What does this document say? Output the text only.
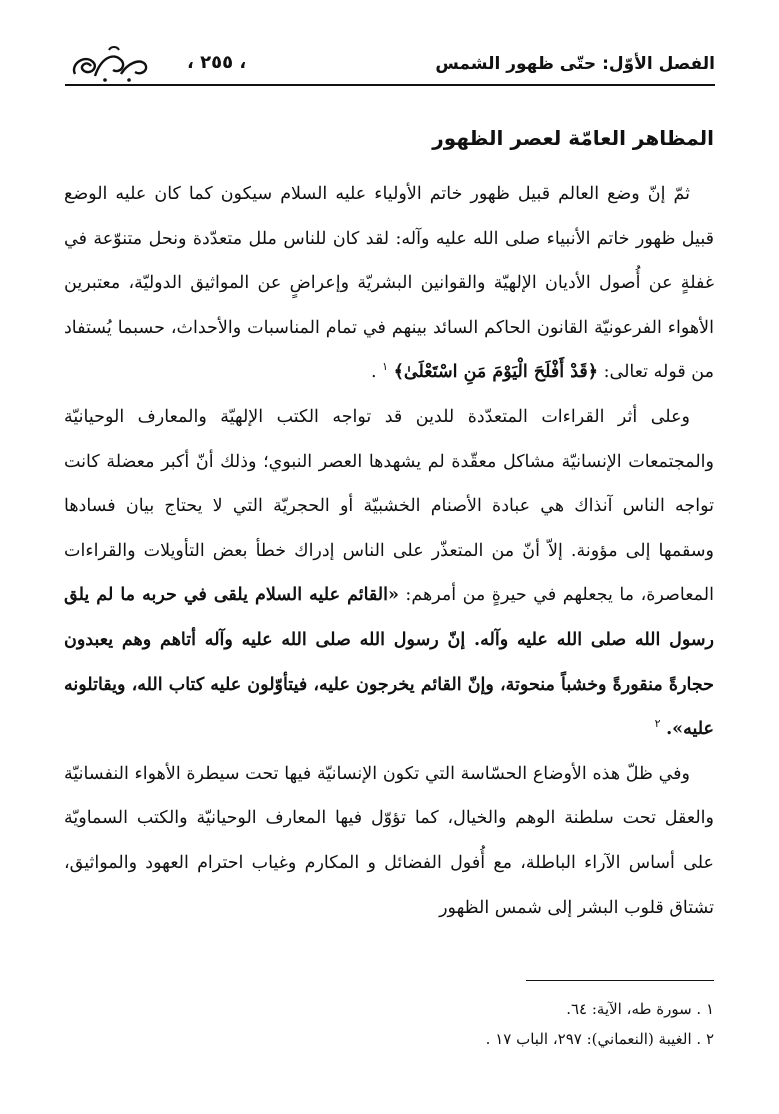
الفصل الأوّل: حتّى ظهور الشمس
، ٢٥٥ ،
المظاهر العامّة لعصر الظهور

ثمّ إنّ وضع العالم قبيل ظهور خاتم الأولياء عليه السلام سيكون كما كان عليه الوضع قبيل ظهور خاتم الأنبياء صلى الله عليه وآله: لقد كان للناس ملل متعدّدة ونحل متنوّعة في غفلةٍ عن أُصول الأديان الإلهيّة والقوانين البشريّة وإعراضٍ عن المواثيق الدوليّة، معتبرين الأهواء الفرعونيّة القانون الحاكم السائد بينهم في تمام المناسبات والأحداث، حسبما يُستفاد من قوله تعالى: ﴿قَدْ أَفْلَحَ الْيَوْمَ مَنِ اسْتَعْلَىٰ﴾ $^١$ .

وعلى أثر القراءات المتعدّدة للدين قد تواجه الكتب الإلهيّة والمعارف الوحيانيّة والمجتمعات الإنسانيّة مشاكل معقّدة لم يشهدها العصر النبوي؛ وذلك أنّ أكبر معضلة كانت تواجه الناس آنذاك هي عبادة الأصنام الخشبيّة أو الحجريّة التي لا يحتاج بيان فسادها وسقمها إلى مؤونة. إلاّ أنّ من المتعذّر على الناس إدراك خطأ بعض التأويلات والقراءات المعاصرة، ما يجعلهم في حيرةٍ من أمرهم: «القائم عليه السلام يلقى في حربه ما لم يلق رسول الله صلى الله عليه وآله. إنّ رسول الله صلى الله عليه وآله أتاهم وهم يعبدون حجارةً منقورةً وخشباً منحوتة، وإنّ القائم يخرجون عليه، فيتأوّلون عليه كتاب الله، ويقاتلونه عليه». $^٢$

وفي ظلّ هذه الأوضاع الحسّاسة التي تكون الإنسانيّة فيها تحت سيطرة الأهواء النفسانيّة والعقل تحت سلطنة الوهم والخيال، كما تؤوّل فيها المعارف الوحيانيّة والكتب السماويّة على أساس الآراء الباطلة، مع أُفول الفضائل و المكارم وغياب احترام العهود والمواثيق، تشتاق قلوب البشر إلى شمس الظهور

١ . سورة طه، الآية: ٦٤.
٢ . الغيبة (النعماني): ٢٩٧، الباب ١٧ .
